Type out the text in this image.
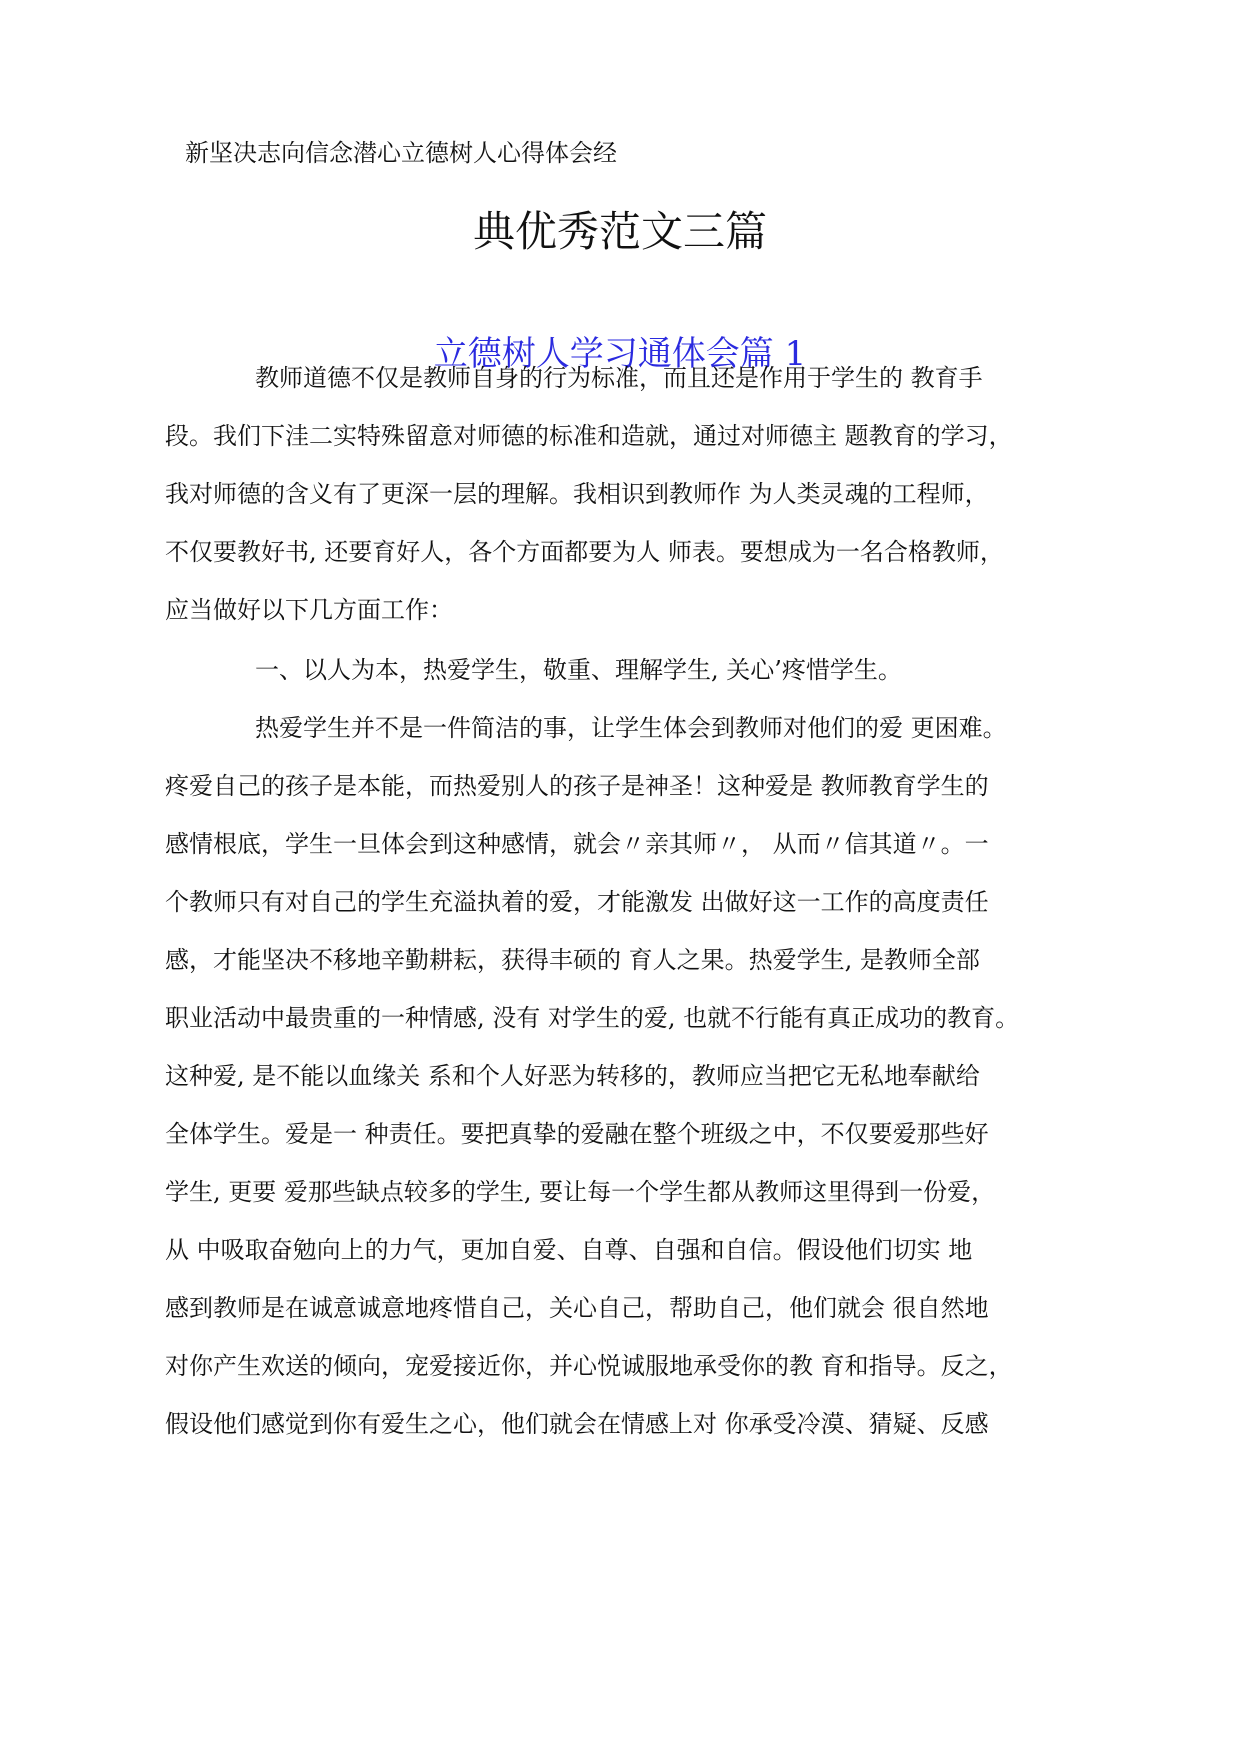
新坚决志向信念潜心立德树人心得体会经
典优秀范文三篇
立德树人学习通体会篇 1
教师道德不仅是教师自身的行为标准，而且还是作用于学生的 教育手
段。我们下洼二实特殊留意对师德的标准和造就，通过对师德主 题教育的学习，
我对师德的含义有了更深一层的理解。我相识到教师作 为人类灵魂的工程师，
不仅要教好书, 还要育好人，各个方面都要为人 师表。要想成为一名合格教师，
应当做好以下几方面工作：
一、以人为本，热爱学生，敬重、理解学生, 关心’疼惜学生。
热爱学生并不是一件简洁的事，让学生体会到教师对他们的爱 更困难。
疼爱自己的孩子是本能，而热爱别人的孩子是神圣！这种爱是 教师教育学生的
感情根底，学生一旦体会到这种感情，就会〃亲其师〃， 从而〃信其道〃。一
个教师只有对自己的学生充溢执着的爱，才能激发 出做好这一工作的高度责任
感，才能坚决不移地辛勤耕耘，获得丰硕的 育人之果。热爱学生, 是教师全部
职业活动中最贵重的一种情感, 没有 对学生的爱, 也就不行能有真正成功的教育。
这种爱, 是不能以血缘关 系和个人好恶为转移的，教师应当把它无私地奉献给
全体学生。爱是一 种责任。要把真挚的爱融在整个班级之中，不仅要爱那些好
学生, 更要 爱那些缺点较多的学生, 要让每一个学生都从教师这里得到一份爱，
从 中吸取奋勉向上的力气，更加自爱、自尊、自强和自信。假设他们切实 地
感到教师是在诚意诚意地疼惜自己，关心自己，帮助自己，他们就会 很自然地
对你产生欢送的倾向，宠爱接近你，并心悦诚服地承受你的教 育和指导。反之，
假设他们感觉到你有爱生之心，他们就会在情感上对 你承受冷漠、猜疑、反感
